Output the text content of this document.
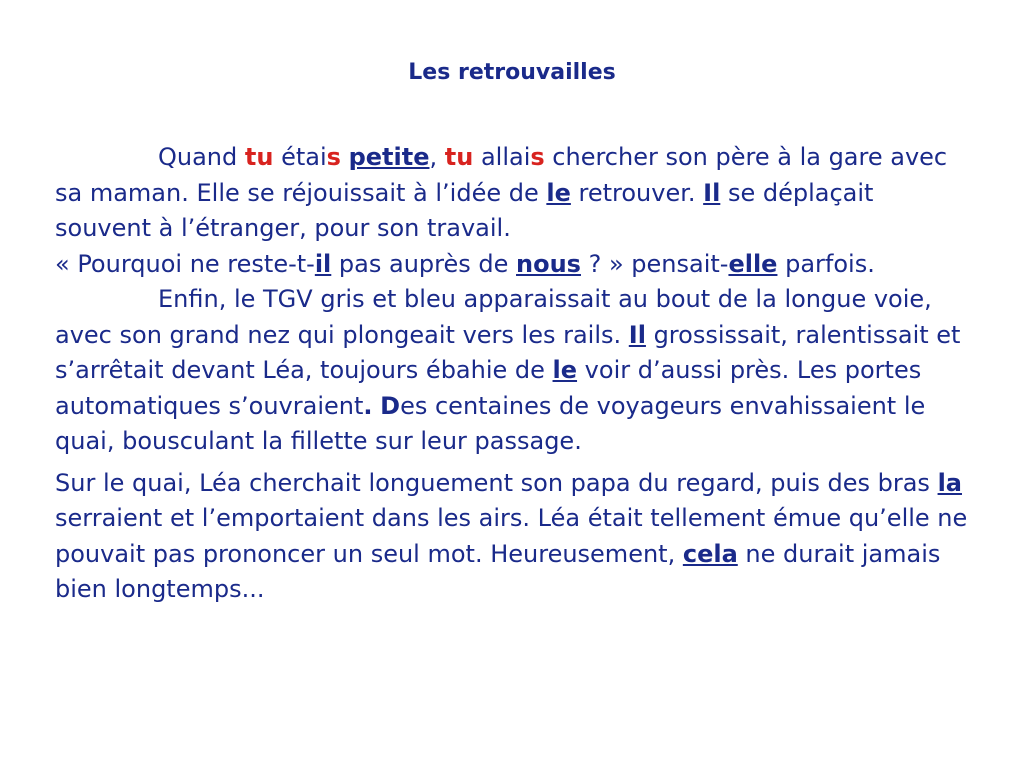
Les retrouvailles

Quand tu étais petite, tu allais chercher son père à la gare avec sa maman. Elle se réjouissait à l’idée de le retrouver. Il se déplaçait souvent à l’étranger, pour son travail.
« Pourquoi ne reste-t-il pas auprès de nous ? » pensait-elle parfois.

Enfin, le TGV gris et bleu apparaissait au bout de la longue voie, avec son grand nez qui plongeait vers les rails. Il grossissait, ralentissait et s’arrêtait devant Léa, toujours ébahie de le voir d’aussi près. Les portes automatiques s’ouvraient. Des centaines de voyageurs envahissaient le quai, bousculant la fillette sur leur passage.

Sur le quai, Léa cherchait longuement son papa du regard, puis des bras la serraient et l’emportaient dans les airs. Léa était tellement émue qu’elle ne pouvait pas prononcer un seul mot. Heureusement, cela ne durait jamais bien longtemps...
